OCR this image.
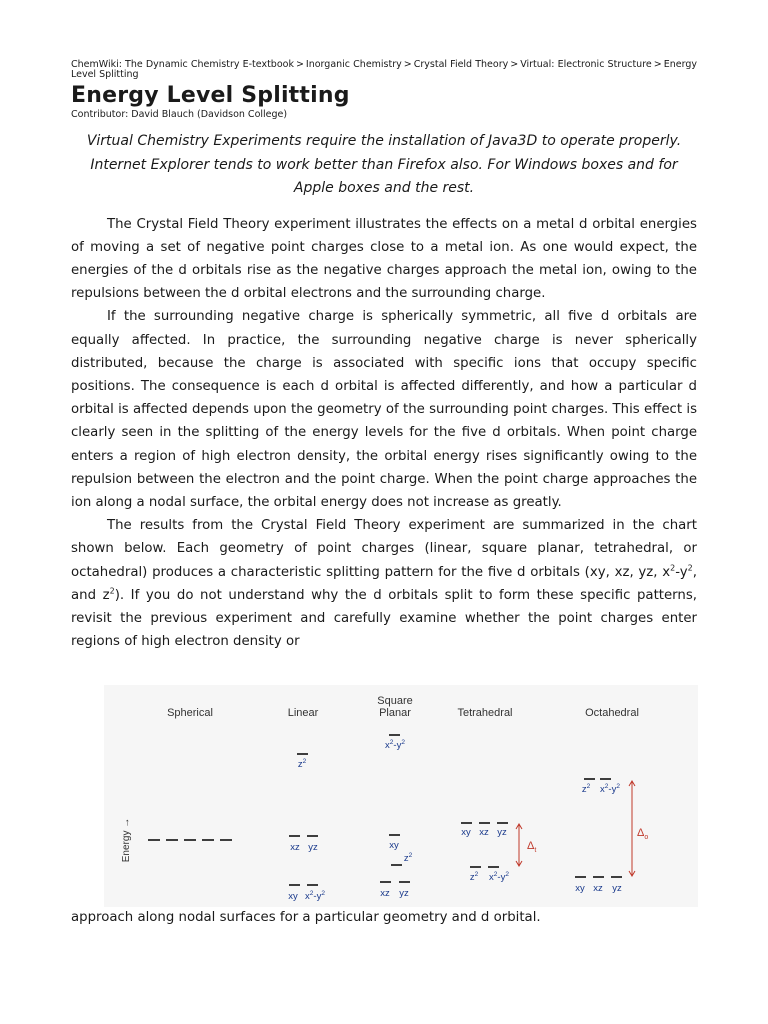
ChemWiki: The Dynamic Chemistry E-textbook > Inorganic Chemistry > Crystal Field Theory > Virtual: Electronic Structure > Energy Level Splitting

Energy Level Splitting

Contributor: David Blauch (Davidson College)

Virtual Chemistry Experiments require the installation of Java3D to operate properly. Internet Explorer tends to work better than Firefox also. For Windows boxes and for Apple boxes and the rest.

The Crystal Field Theory experiment illustrates the effects on a metal d orbital energies of moving a set of negative point charges close to a metal ion. As one would expect, the energies of the d orbitals rise as the negative charges approach the metal ion, owing to the repulsions between the d orbital electrons and the surrounding charge.

If the surrounding negative charge is spherically symmetric, all five d orbitals are equally affected. In practice, the surrounding negative charge is never spherically distributed, because the charge is associated with specific ions that occupy specific positions. The consequence is each d orbital is affected differently, and how a particular d orbital is affected depends upon the geometry of the surrounding point charges. This effect is clearly seen in the splitting of the energy levels for the five d orbitals. When point charge enters a region of high electron density, the orbital energy rises significantly owing to the repulsion between the electron and the point charge. When the point charge approaches the ion along a nodal surface, the orbital energy does not increase as greatly.

The results from the Crystal Field Theory experiment are summarized in the chart shown below. Each geometry of point charges (linear, square planar, tetrahedral, or octahedral) produces a characteristic splitting pattern for the five d orbitals (xy, xz, yz, $x^2-y^2$, and $z^2$). If you do not understand why the d orbitals split to form these specific patterns, revisit the previous experiment and carefully examine whether the point charges enter regions of high electron density or

Spherical	Linear
Square
Planar	Tetrahedral	Octahedral
Energy →
$z^2$
xz yz
xy $x^2-y^2$
$x^2-y^2$
xy
$z^2$
xz yz
xy xz yz
$z^2$ $x^2-y^2$
$z^2$ $x^2-y^2$
xy xz yz
$\Delta_t$
$\Delta_o$

approach along nodal surfaces for a particular geometry and d orbital.
